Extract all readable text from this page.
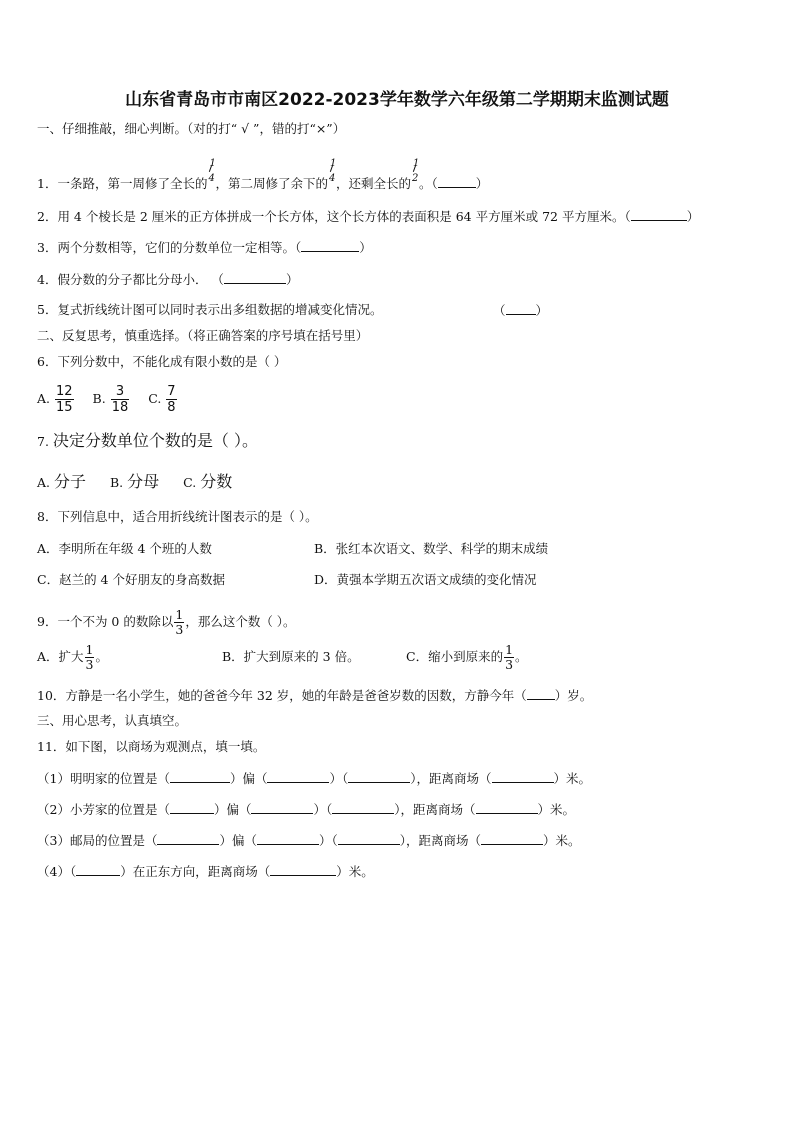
山东省青岛市市南区2022-2023学年数学六年级第二学期期末监测试题
一、仔细推敲，细心判断。（对的打“ √ ”，错的打“×”）
1．一条路，第一周修了全长的
1
4 ，第二周修了余下的
1
4 ，还剩全长的
1
2 。（	）
2．用 4 个棱长是 2 厘米的正方体拼成一个长方体，这个长方体的表面积是 64 平方厘米或 72 平方厘米。（	）
3．两个分数相等，它们的分数单位一定相等。（	）
4．假分数的分子都比分母小． （	）
5．复式折线统计图可以同时表示出多组数据的增减变化情况。	（ ）
二、反复思考，慎重选择。（将正确答案的序号填在括号里）
6．下列分数中，不能化成有限小数的是（ ）
A. $\frac{12}{15} B$. $\frac{3}{18} C$. $\frac{7}{8}$
7. 决定分数单位个数的是（ ）。
A. 分子 B. 分母 C. 分数
8．下列信息中，适合用折线统计图表示的是（ ）。
A．李明所在年级 4 个班的人数	B．张红本次语文、数学、科学的期末成绩
C．赵兰的 4 个好朋友的身高数据	D．黄强本学期五次语文成绩的变化情况
9．一个不为 0 的数除以 $\frac{1}{3}$ ，那么这个数（ ）。
A．扩大 $\frac{1}{3}$ 。	B．扩大到原来的 3 倍。	C．缩小到原来的 $\frac{1}{3}$ 。
10．方静是一名小学生，她的爸爸今年 32 岁，她的年龄是爸爸岁数的因数，方静今年（ ）岁。
三、用心思考，认真填空。
11．如下图，以商场为观测点，填一填。
（1）明明家的位置是（	）偏（	）（	），距离商场（	）米。
（2）小芳家的位置是（	）偏（	）（	），距离商场（	）米。
（3）邮局的位置是（	）偏（	）（	），距离商场（	）米。
（4）（	）在正东方向，距离商场（	）米。
